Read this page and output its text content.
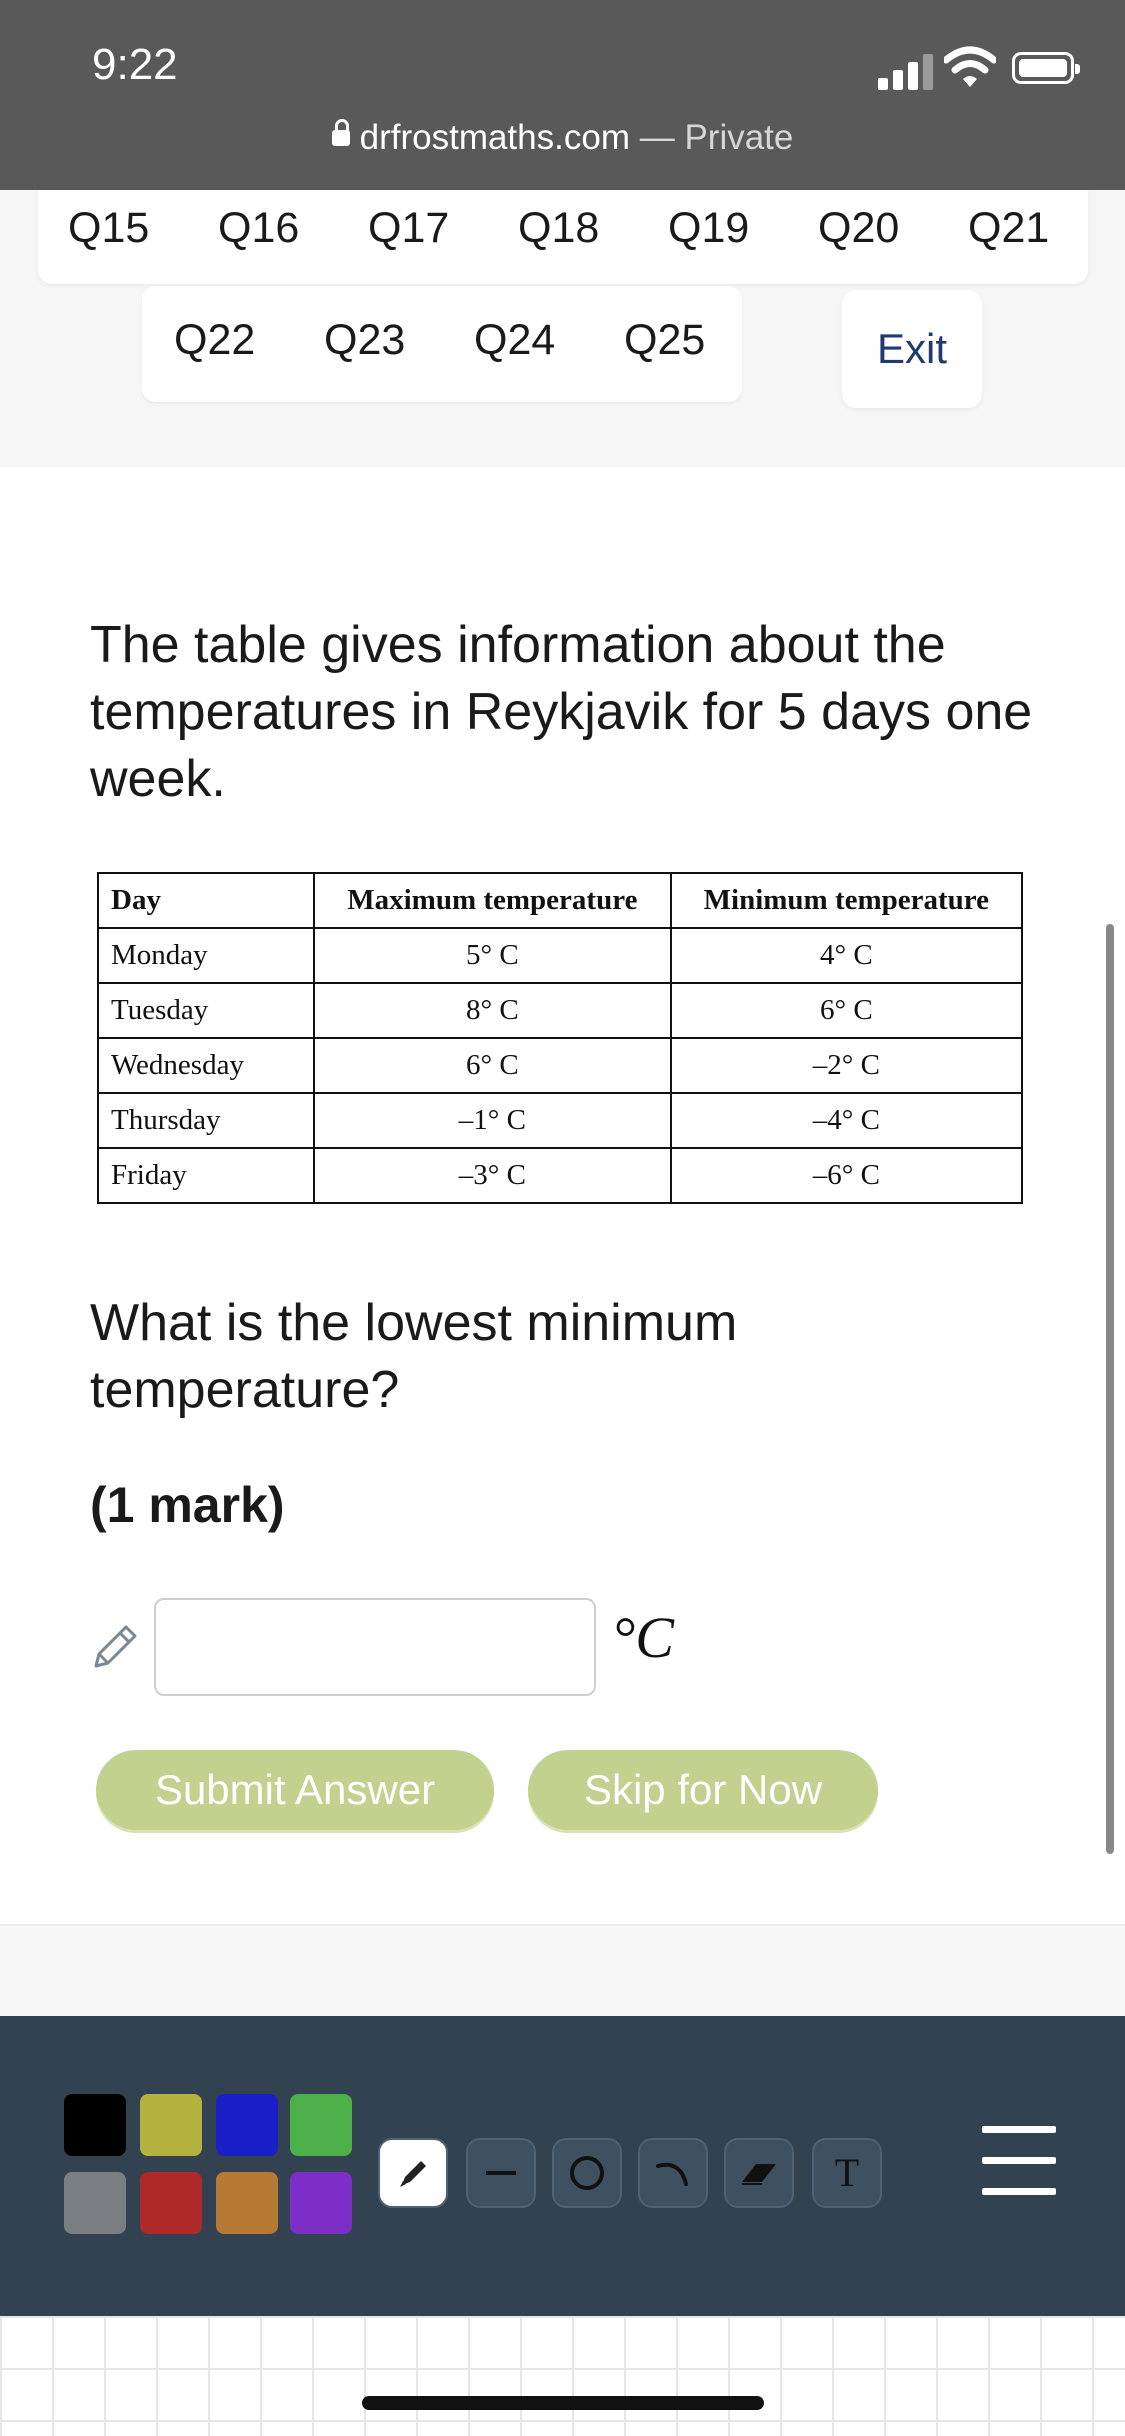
9:22
drfrostmaths.com — Private
Q15 Q16 Q17 Q18 Q19 Q20 Q21
Q22 Q23 Q24 Q25	Exit
The table gives information about the temperatures in Reykjavik for 5 days one week.
Day	Maximum temperature	Minimum temperature
Monday	5° C	4° C
Tuesday	8° C	6° C
Wednesday	6° C	–2° C
Thursday	–1° C	–4° C
Friday	–3° C	–6° C
What is the lowest minimum temperature?
(1 mark)
°C
Submit Answer	Skip for Now
T
